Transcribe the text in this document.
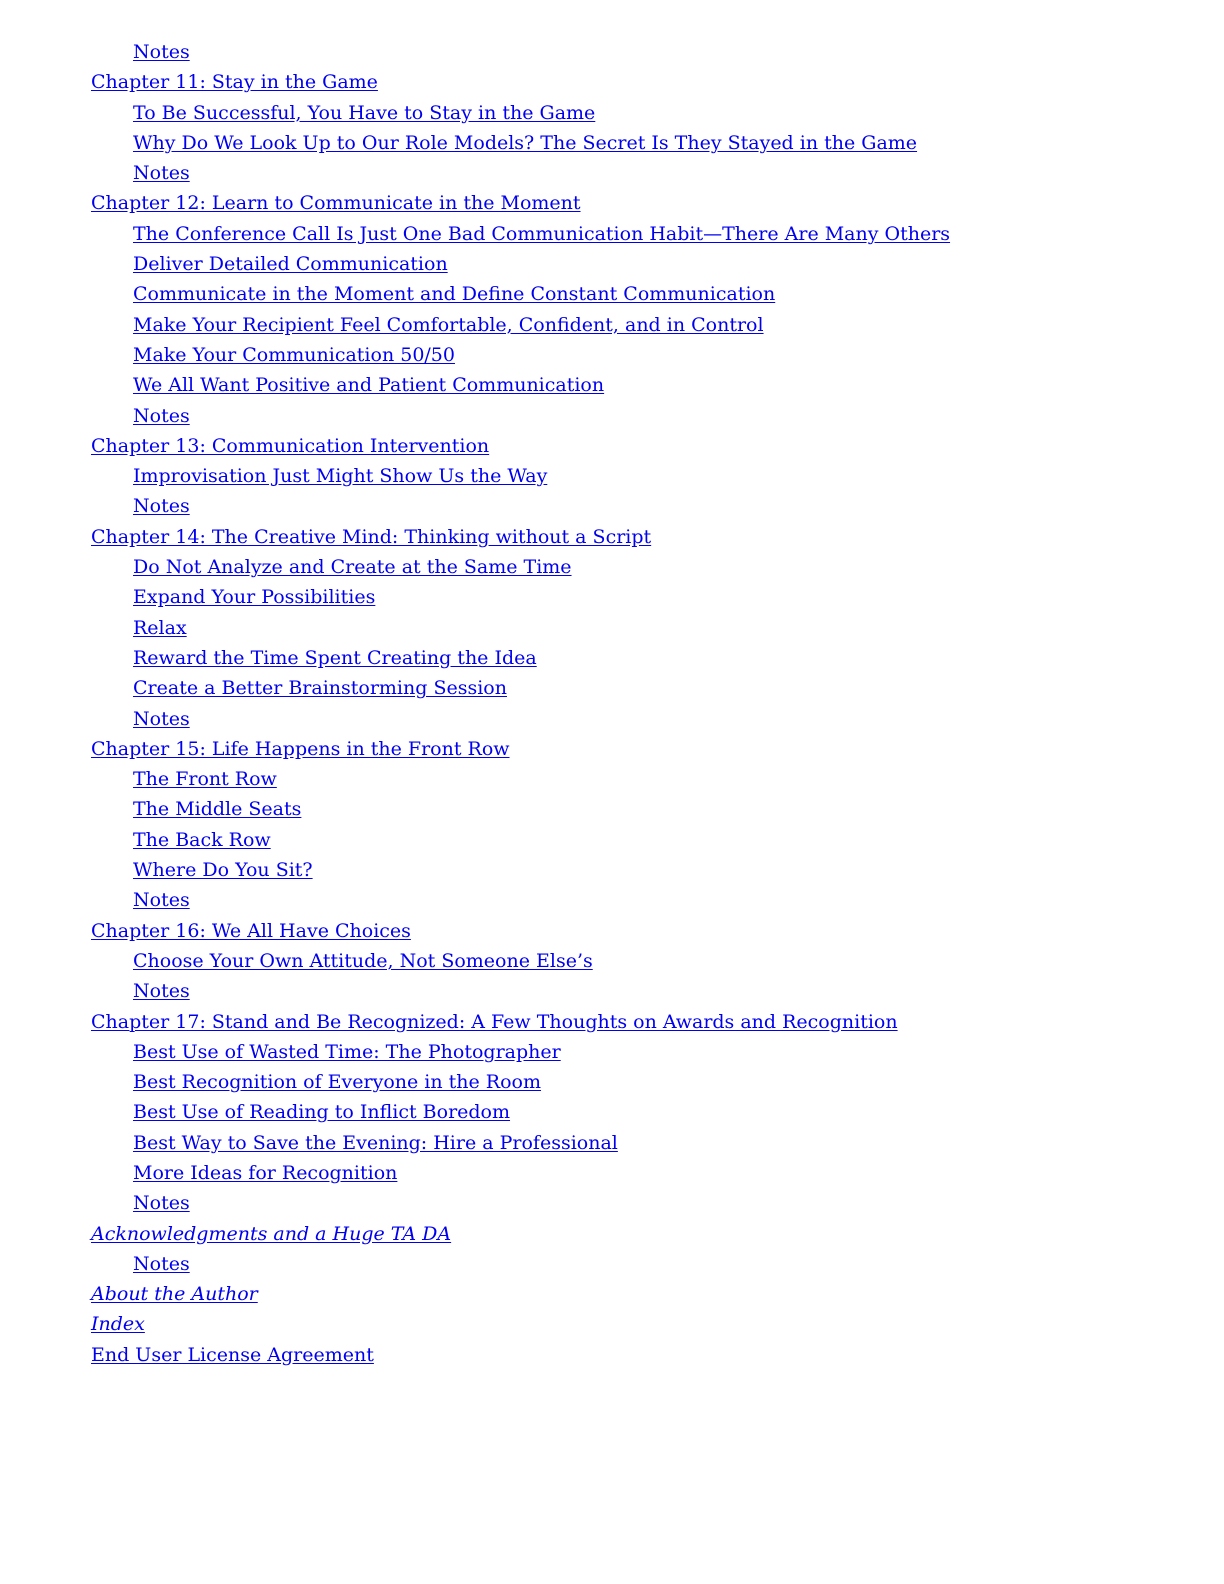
Notes
Chapter 11: Stay in the Game
To Be Successful, You Have to Stay in the Game
Why Do We Look Up to Our Role Models? The Secret Is They Stayed in the Game
Notes
Chapter 12: Learn to Communicate in the Moment
The Conference Call Is Just One Bad Communication Habit—There Are Many Others
Deliver Detailed Communication
Communicate in the Moment and Define Constant Communication
Make Your Recipient Feel Comfortable, Confident, and in Control
Make Your Communication 50/50
We All Want Positive and Patient Communication
Notes
Chapter 13: Communication Intervention
Improvisation Just Might Show Us the Way
Notes
Chapter 14: The Creative Mind: Thinking without a Script
Do Not Analyze and Create at the Same Time
Expand Your Possibilities
Relax
Reward the Time Spent Creating the Idea
Create a Better Brainstorming Session
Notes
Chapter 15: Life Happens in the Front Row
The Front Row
The Middle Seats
The Back Row
Where Do You Sit?
Notes
Chapter 16: We All Have Choices
Choose Your Own Attitude, Not Someone Else’s
Notes
Chapter 17: Stand and Be Recognized: A Few Thoughts on Awards and Recognition
Best Use of Wasted Time: The Photographer
Best Recognition of Everyone in the Room
Best Use of Reading to Inflict Boredom
Best Way to Save the Evening: Hire a Professional
More Ideas for Recognition
Notes
Acknowledgments and a Huge TA DA
Notes
About the Author
Index
End User License Agreement
